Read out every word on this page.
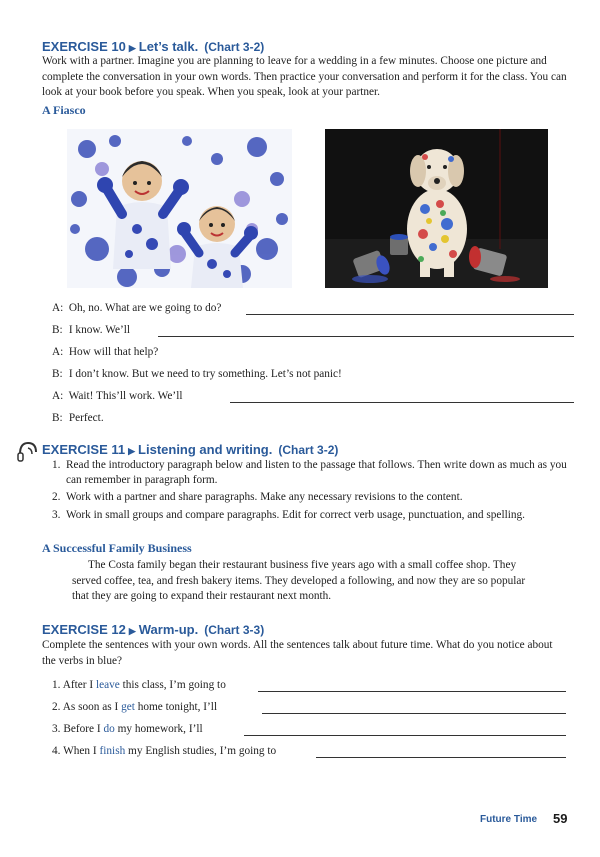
EXERCISE 10 ▶ Let’s talk. (Chart 3-2)
Work with a partner. Imagine you are planning to leave for a wedding in a few minutes. Choose one picture and complete the conversation in your own words. Then practice your conversation and perform it for the class. You can look at your book before you speak. When you speak, look at your partner.
A Fiasco
A: Oh, no. What are we going to do?
B: I know. We’ll
A: How will that help?
B: I don’t know. But we need to try something. Let’s not panic!
A: Wait! This’ll work. We’ll
B: Perfect.
EXERCISE 11 ▶ Listening and writing. (Chart 3-2)
1. Read the introductory paragraph below and listen to the passage that follows. Then write down as much as you can remember in paragraph form.
2. Work with a partner and share paragraphs. Make any necessary revisions to the content.
3. Work in small groups and compare paragraphs. Edit for correct verb usage, punctuation, and spelling.
A Successful Family Business
The Costa family began their restaurant business five years ago with a small coffee shop. They served coffee, tea, and fresh bakery items. They developed a following, and now they are so popular that they are going to expand their restaurant next month.
EXERCISE 12 ▶ Warm-up. (Chart 3-3)
Complete the sentences with your own words. All the sentences talk about future time. What do you notice about the verbs in blue?
1. After I leave this class, I’m going to
2. As soon as I get home tonight, I’ll
3. Before I do my homework, I’ll
4. When I finish my English studies, I’m going to
Future Time 59
